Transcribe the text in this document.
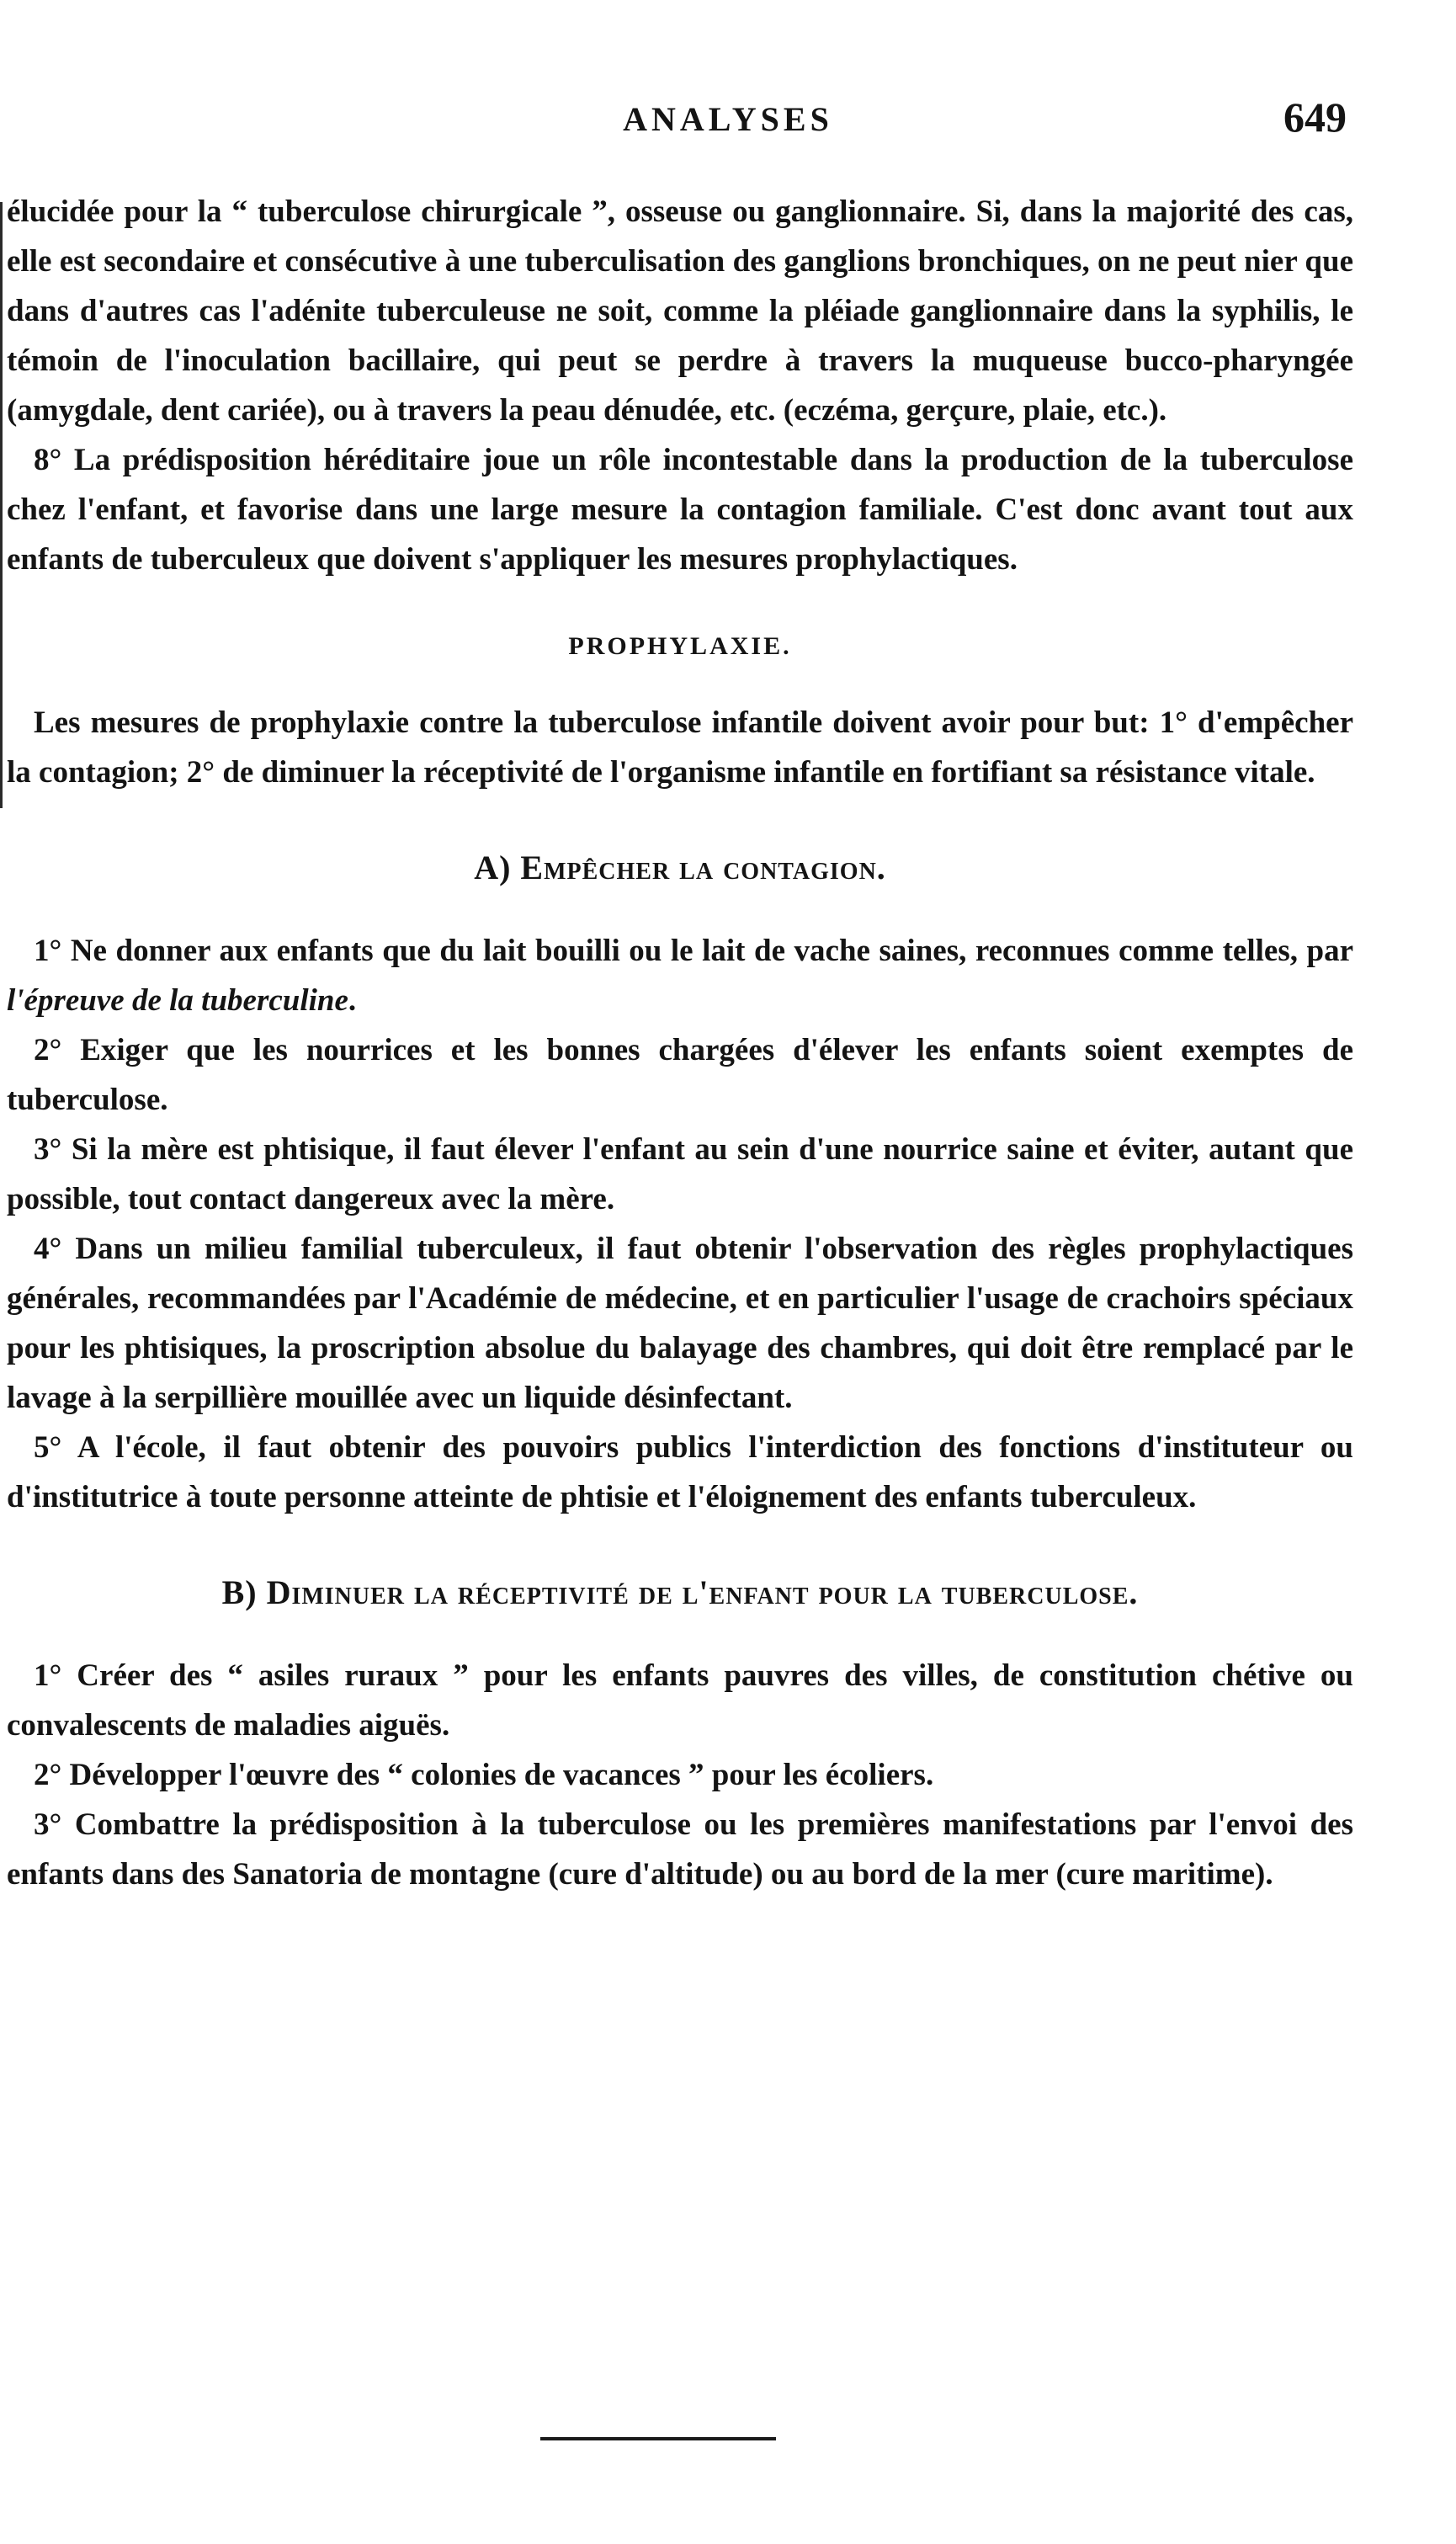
ANALYSES	649

élucidée pour la “ tuberculose chirurgicale ”, osseuse ou ganglionnaire. Si, dans la majorité des cas, elle est secondaire et consécutive à une tuberculisation des ganglions bronchiques, on ne peut nier que dans d'autres cas l'adénite tuberculeuse ne soit, comme la pléiade ganglionnaire dans la syphilis, le témoin de l'inoculation bacillaire, qui peut se perdre à travers la muqueuse bucco-pharyngée (amygdale, dent cariée), ou à travers la peau dénudée, etc. (eczéma, gerçure, plaie, etc.).

8° La prédisposition héréditaire joue un rôle incontestable dans la production de la tuberculose chez l'enfant, et favorise dans une large mesure la contagion familiale. C'est donc avant tout aux enfants de tuberculeux que doivent s'appliquer les mesures prophylactiques.

PROPHYLAXIE.

Les mesures de prophylaxie contre la tuberculose infantile doivent avoir pour but: 1° d'empêcher la contagion; 2° de diminuer la réceptivité de l'organisme infantile en fortifiant sa résistance vitale.

A) Empêcher la contagion.

1° Ne donner aux enfants que du lait bouilli ou le lait de vache saines, reconnues comme telles, par l'épreuve de la tuberculine.

2° Exiger que les nourrices et les bonnes chargées d'élever les enfants soient exemptes de tuberculose.

3° Si la mère est phtisique, il faut élever l'enfant au sein d'une nourrice saine et éviter, autant que possible, tout contact dangereux avec la mère.

4° Dans un milieu familial tuberculeux, il faut obtenir l'observation des règles prophylactiques générales, recommandées par l'Académie de médecine, et en particulier l'usage de crachoirs spéciaux pour les phtisiques, la proscription absolue du balayage des chambres, qui doit être remplacé par le lavage à la serpillière mouillée avec un liquide désinfectant.

5° A l'école, il faut obtenir des pouvoirs publics l'interdiction des fonctions d'instituteur ou d'institutrice à toute personne atteinte de phtisie et l'éloignement des enfants tuberculeux.

B) Diminuer la réceptivité de l'enfant pour la tuberculose.

1° Créer des “ asiles ruraux ” pour les enfants pauvres des villes, de constitution chétive ou convalescents de maladies aiguës.

2° Développer l'œuvre des “ colonies de vacances ” pour les écoliers.

3° Combattre la prédisposition à la tuberculose ou les premières manifestations par l'envoi des enfants dans des Sanatoria de montagne (cure d'altitude) ou au bord de la mer (cure maritime).
